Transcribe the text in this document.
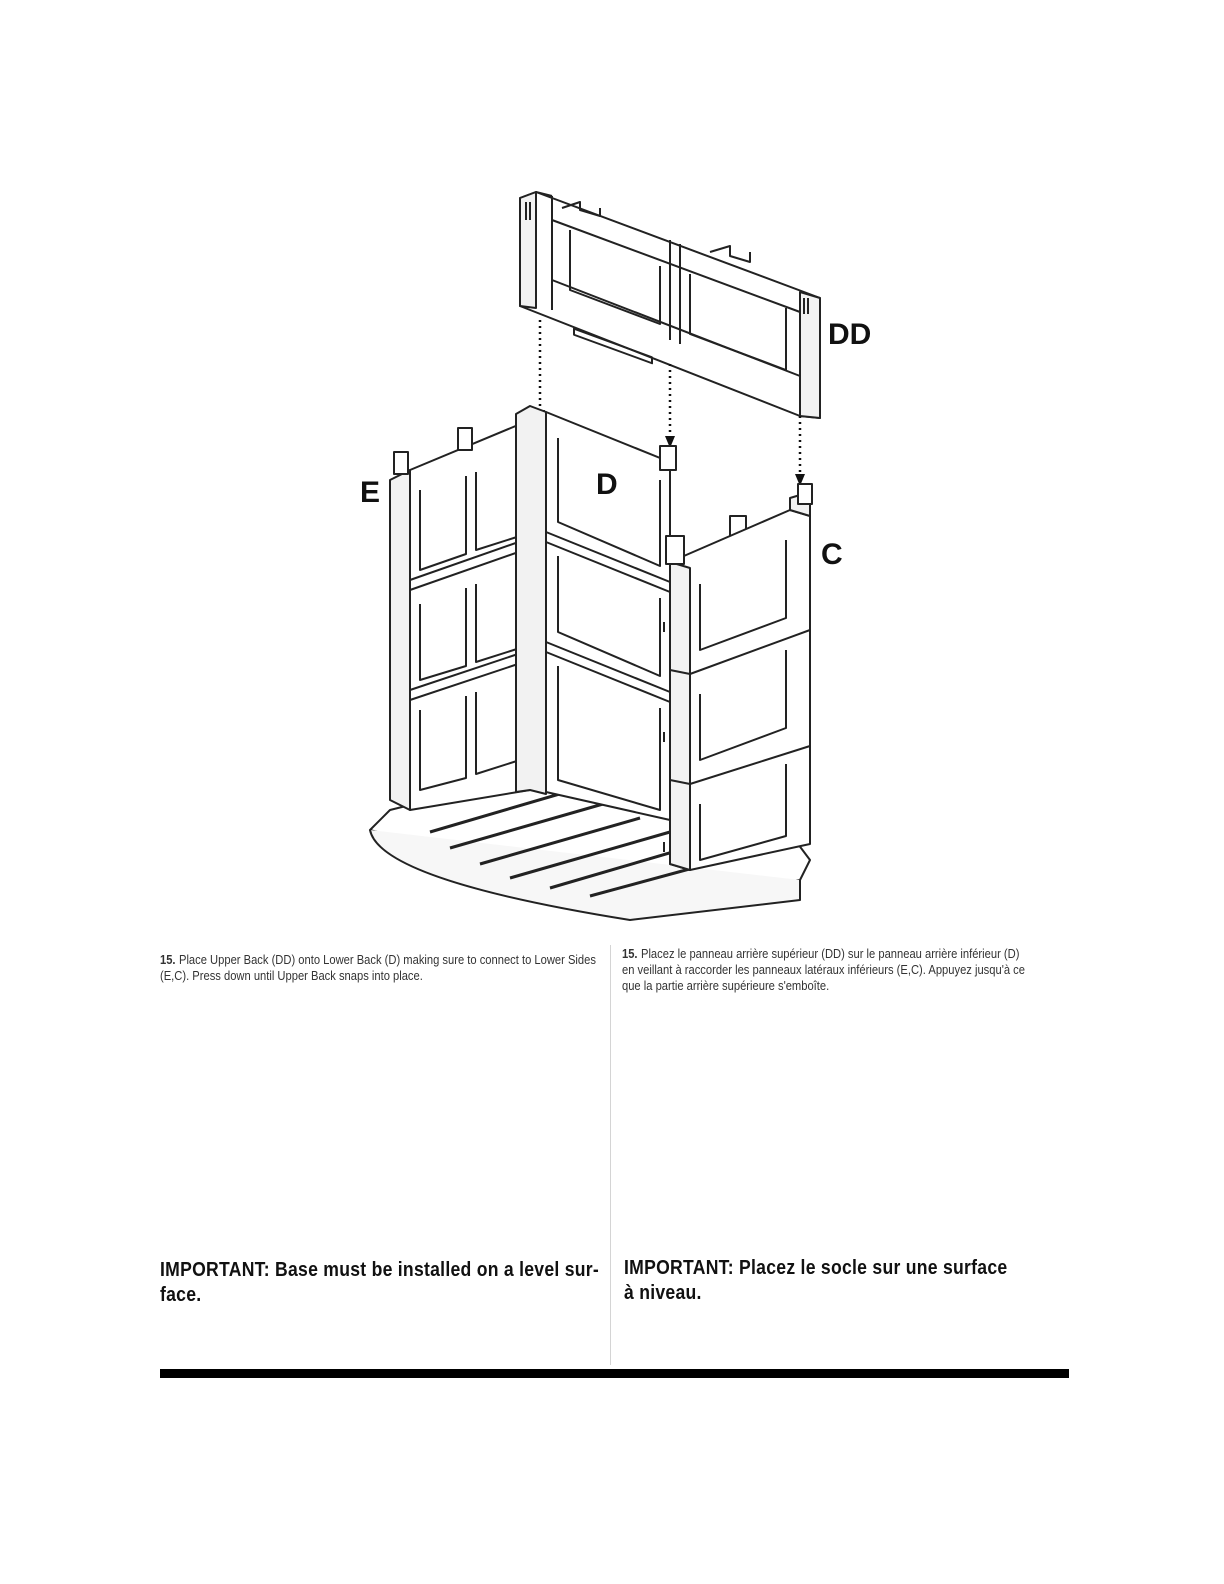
DD
E	D
C
15. Place Upper Back (DD) onto Lower Back (D) making sure to connect to Lower Sides (E,C). Press down until Upper Back snaps into place.
15. Placez le panneau arrière supérieur (DD) sur le panneau arrière inférieur (D) en veillant à raccorder les panneaux latéraux inférieurs (E,C). Appuyez jusqu'à ce que la partie arrière supérieure s'emboîte.
IMPORTANT: Base must be installed on a level sur-face.
IMPORTANT: Placez le socle sur une surface à niveau.
